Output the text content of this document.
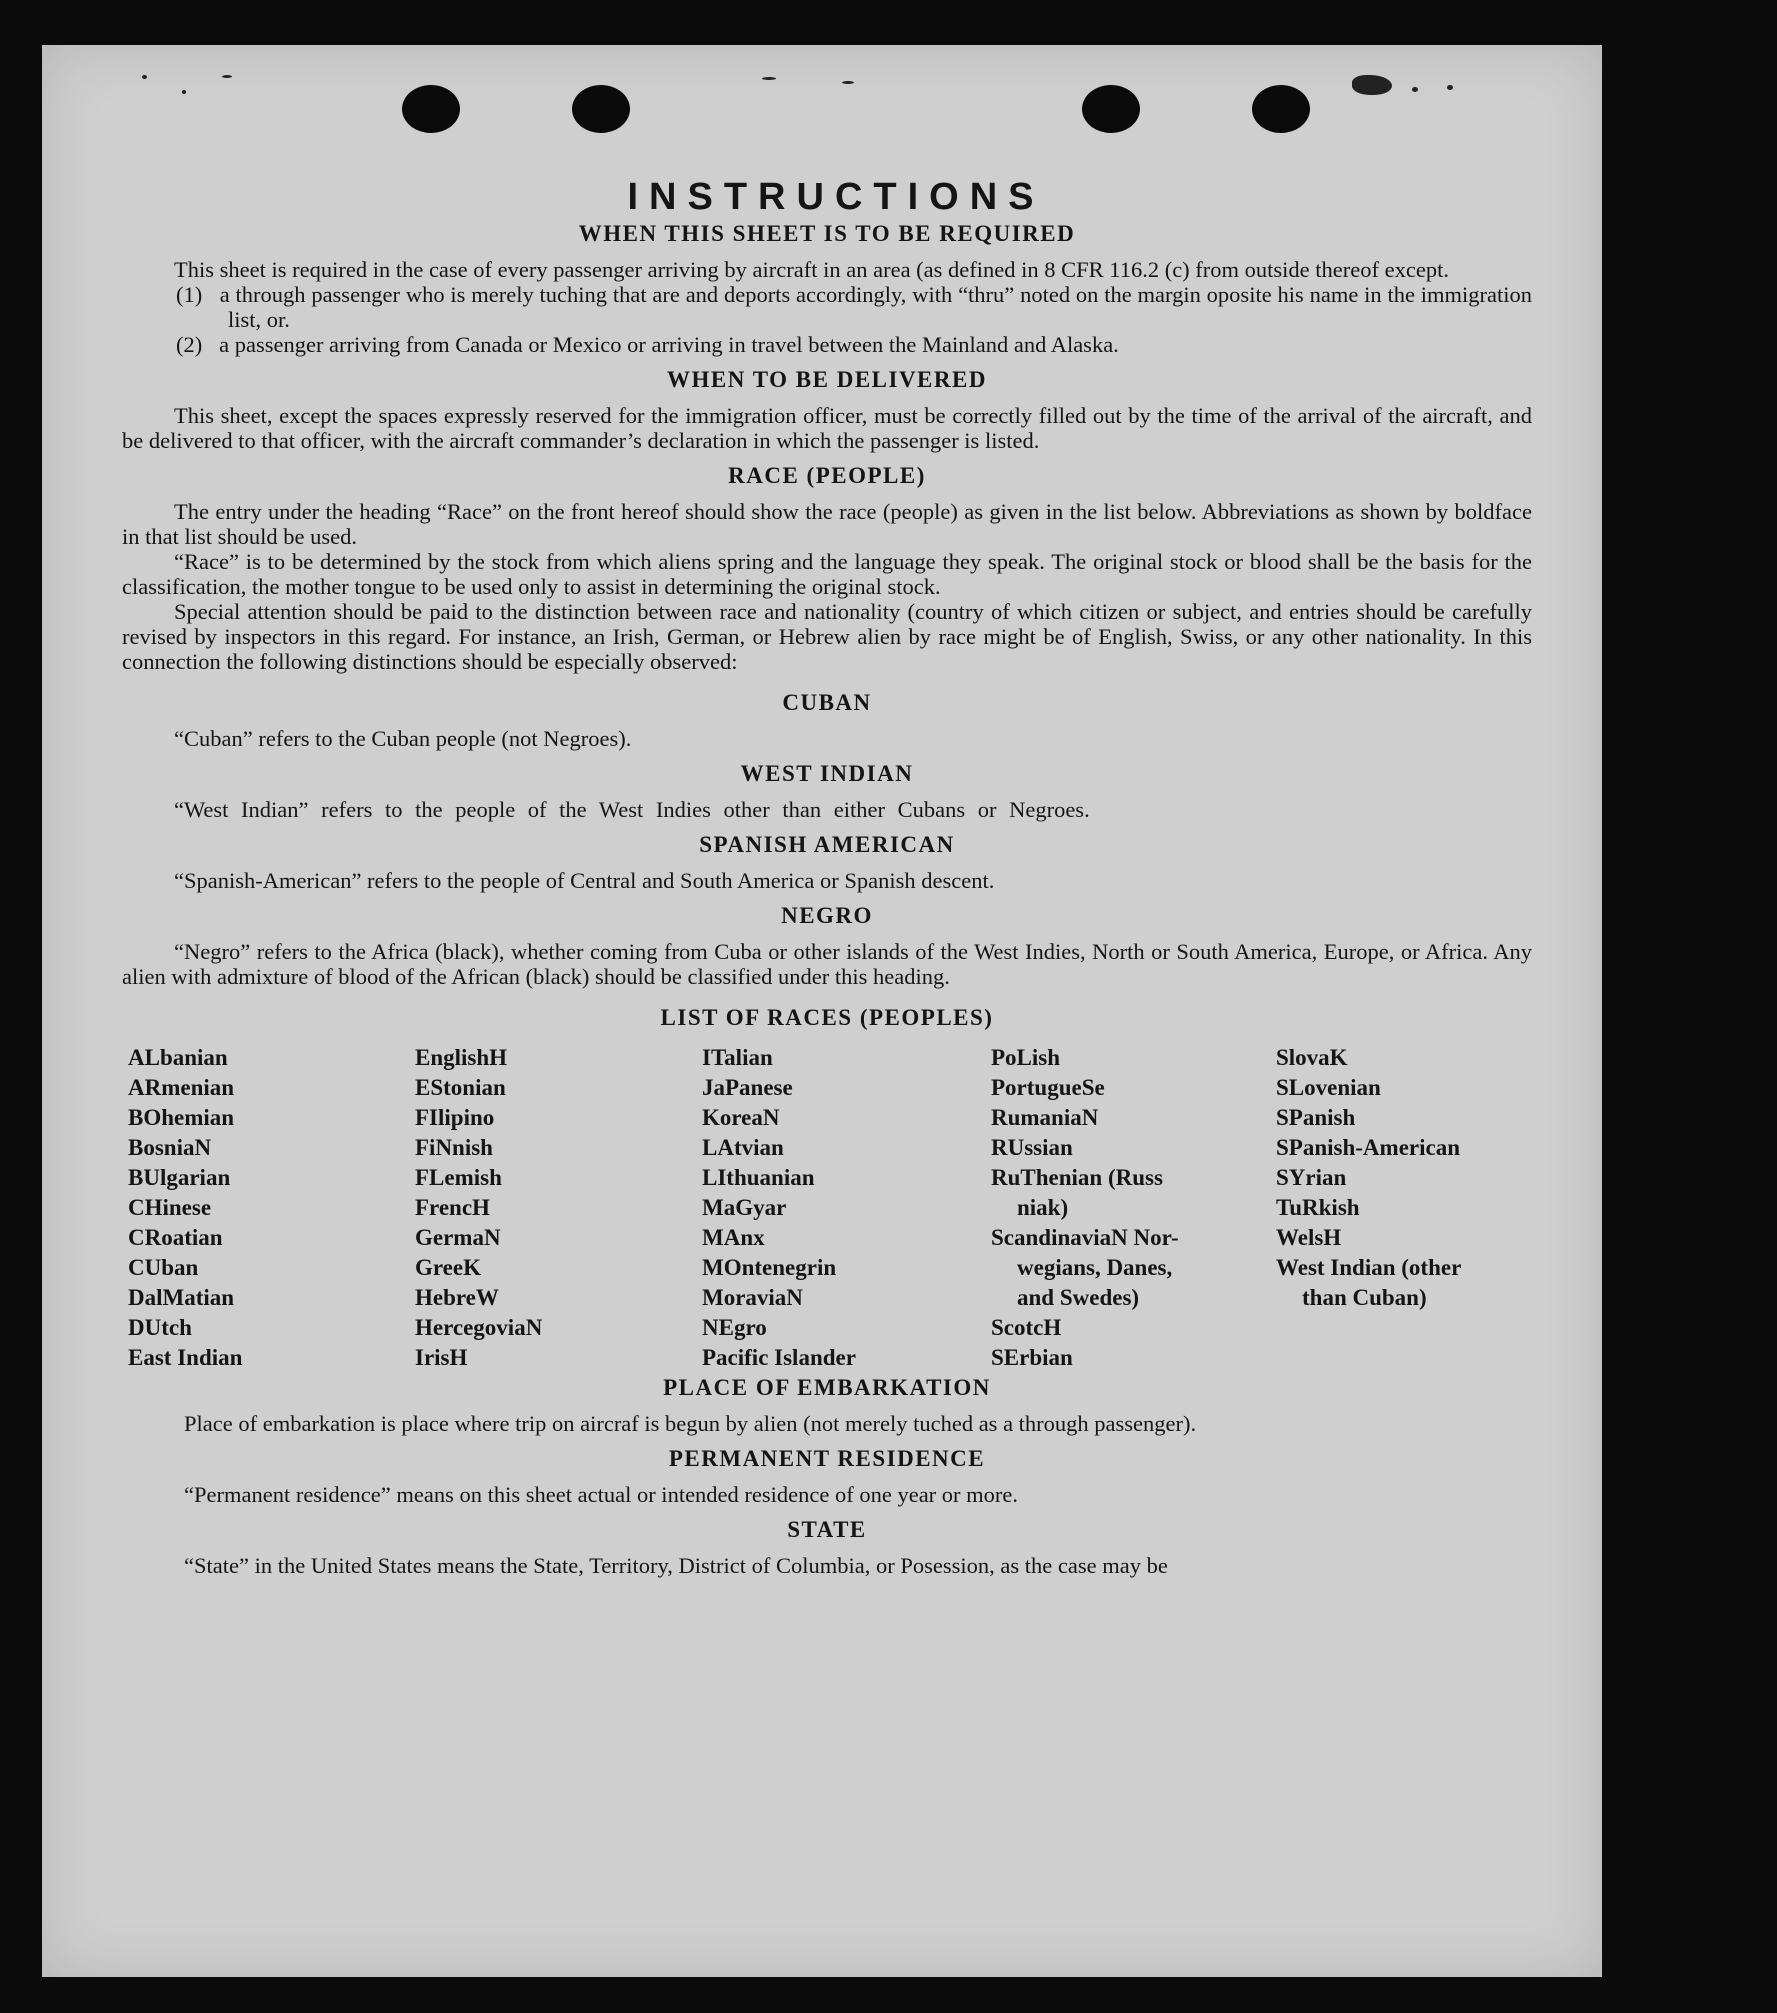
INSTRUCTIONS
WHEN THIS SHEET IS TO BE REQUIRED

This sheet is required in the case of every passenger arriving by aircraft in an area (as defined in 8 CFR 116.2 (c) from outside thereof except.

(1)   a through passenger who is merely tuching that are and deports accordingly, with “thru” noted on the margin oposite his name in the immigration list, or.

(2)   a passenger arriving from Canada or Mexico or arriving in travel between the Mainland and Alaska.

WHEN TO BE DELIVERED

This sheet, except the spaces expressly reserved for the immigration officer, must be correctly filled out by the time of the arrival of the aircraft, and be delivered to that officer, with the aircraft commander’s declaration in which the passenger is listed.

RACE (PEOPLE)

The entry under the heading “Race” on the front hereof should show the race (people) as given in the list below. Abbreviations as shown by boldface in that list should be used.

“Race” is to be determined by the stock from which aliens spring and the language they speak. The original stock or blood shall be the basis for the classification, the mother tongue to be used only to assist in determining the original stock.

Special attention should be paid to the distinction between race and nationality (country of which citizen or subject, and entries should be carefully revised by inspectors in this regard. For instance, an Irish, German, or Hebrew alien by race might be of English, Swiss, or any other nationality. In this connection the following distinctions should be especially observed:

CUBAN

“Cuban” refers to the Cuban people (not Negroes).

WEST INDIAN

“West Indian” refers to the people of the West Indies other than either Cubans or Negroes.

SPANISH AMERICAN

“Spanish-American” refers to the people of Central and South America or Spanish descent.

NEGRO

“Negro” refers to the Africa (black), whether coming from Cuba or other islands of the West Indies, North or South America, Europe, or Africa. Any alien with admixture of blood of the African (black) should be classified under this heading.

LIST OF RACES (PEOPLES)
ALbanian
ARmenian
BOhemian
BosniaN
BUlgarian
CHinese
CRoatian
CUban
DalMatian
DUtch
East Indian
EnglishH
EStonian
FIlipino
FiNnish
FLemish
FrencH
GermaN
GreeK
HebreW
HercegoviaN
IrisH
ITalian
JaPanese
KoreaN
LAtvian
LIthuanian
MaGyar
MAnx
MOntenegrin
MoraviaN
NEgro
Pacific Islander
PoLish
PortugueSe
RumaniaN
RUssian
RuThenian (Russ
niak)
ScandinaviaN Nor-
wegians, Danes,
and Swedes)
ScotcH
SErbian
SlovaK
SLovenian
SPanish
SPanish-American
SYrian
TuRkish
WelsH
West Indian (other
than Cuban)
PLACE OF EMBARKATION

Place of embarkation is place where trip on aircraf is begun by alien (not merely tuched as a through passenger).

PERMANENT RESIDENCE

“Permanent residence” means on this sheet actual or intended residence of one year or more.

STATE

“State” in the United States means the State, Territory, District of Columbia, or Posession, as the case may be
